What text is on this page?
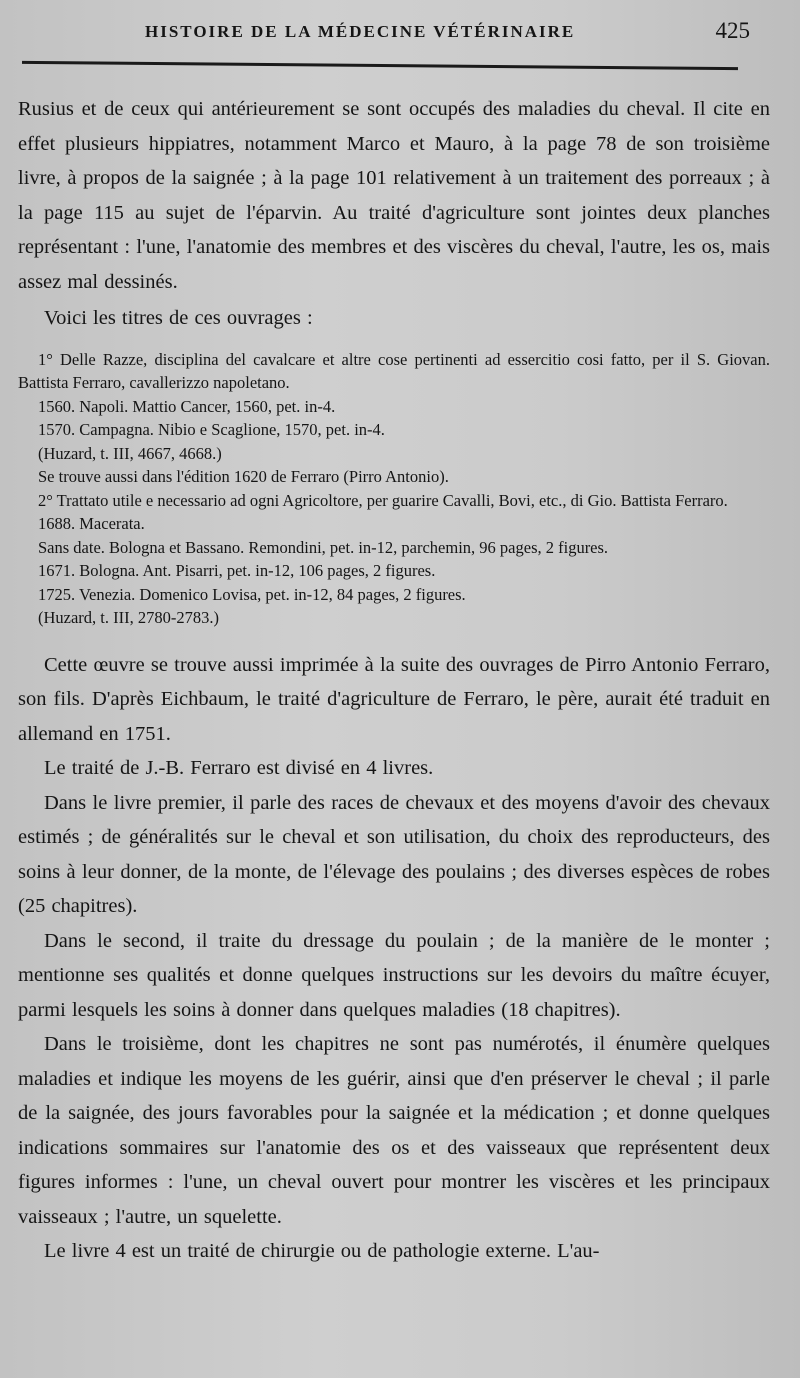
HISTOIRE DE LA MÉDECINE VÉTÉRINAIRE	425

Rusius et de ceux qui antérieurement se sont occupés des maladies du cheval. Il cite en effet plusieurs hippiatres, notamment Marco et Mauro, à la page 78 de son troisième livre, à propos de la saignée ; à la page 101 relativement à un traitement des porreaux ; à la page 115 au sujet de l'éparvin. Au traité d'agriculture sont jointes deux planches représentant : l'une, l'anatomie des membres et des viscères du cheval, l'autre, les os, mais assez mal dessinés.

Voici les titres de ces ouvrages :

1° Delle Razze, disciplina del cavalcare et altre cose pertinenti ad essercitio cosi fatto, per il S. Giovan. Battista Ferraro, cavallerizzo napoletano.

1560. Napoli. Mattio Cancer, 1560, pet. in-4.

1570. Campagna. Nibio e Scaglione, 1570, pet. in-4.

(Huzard, t. III, 4667, 4668.)

Se trouve aussi dans l'édition 1620 de Ferraro (Pirro Antonio).

2° Trattato utile e necessario ad ogni Agricoltore, per guarire Cavalli, Bovi, etc., di Gio. Battista Ferraro.

1688. Macerata.

Sans date. Bologna et Bassano. Remondini, pet. in-12, parchemin, 96 pages, 2 figures.

1671. Bologna. Ant. Pisarri, pet. in-12, 106 pages, 2 figures.

1725. Venezia. Domenico Lovisa, pet. in-12, 84 pages, 2 figures.

(Huzard, t. III, 2780-2783.)

Cette œuvre se trouve aussi imprimée à la suite des ouvrages de Pirro Antonio Ferraro, son fils. D'après Eichbaum, le traité d'agriculture de Ferraro, le père, aurait été traduit en allemand en 1751.

Le traité de J.-B. Ferraro est divisé en 4 livres.

Dans le livre premier, il parle des races de chevaux et des moyens d'avoir des chevaux estimés ; de généralités sur le cheval et son utilisation, du choix des reproducteurs, des soins à leur donner, de la monte, de l'élevage des poulains ; des diverses espèces de robes (25 chapitres).

Dans le second, il traite du dressage du poulain ; de la manière de le monter ; mentionne ses qualités et donne quelques instructions sur les devoirs du maître écuyer, parmi lesquels les soins à donner dans quelques maladies (18 chapitres).

Dans le troisième, dont les chapitres ne sont pas numérotés, il énumère quelques maladies et indique les moyens de les guérir, ainsi que d'en préserver le cheval ; il parle de la saignée, des jours favorables pour la saignée et la médication ; et donne quelques indications sommaires sur l'anatomie des os et des vaisseaux que représentent deux figures informes : l'une, un cheval ouvert pour montrer les viscères et les principaux vaisseaux ; l'autre, un squelette.

Le livre 4 est un traité de chirurgie ou de pathologie externe. L'au-
